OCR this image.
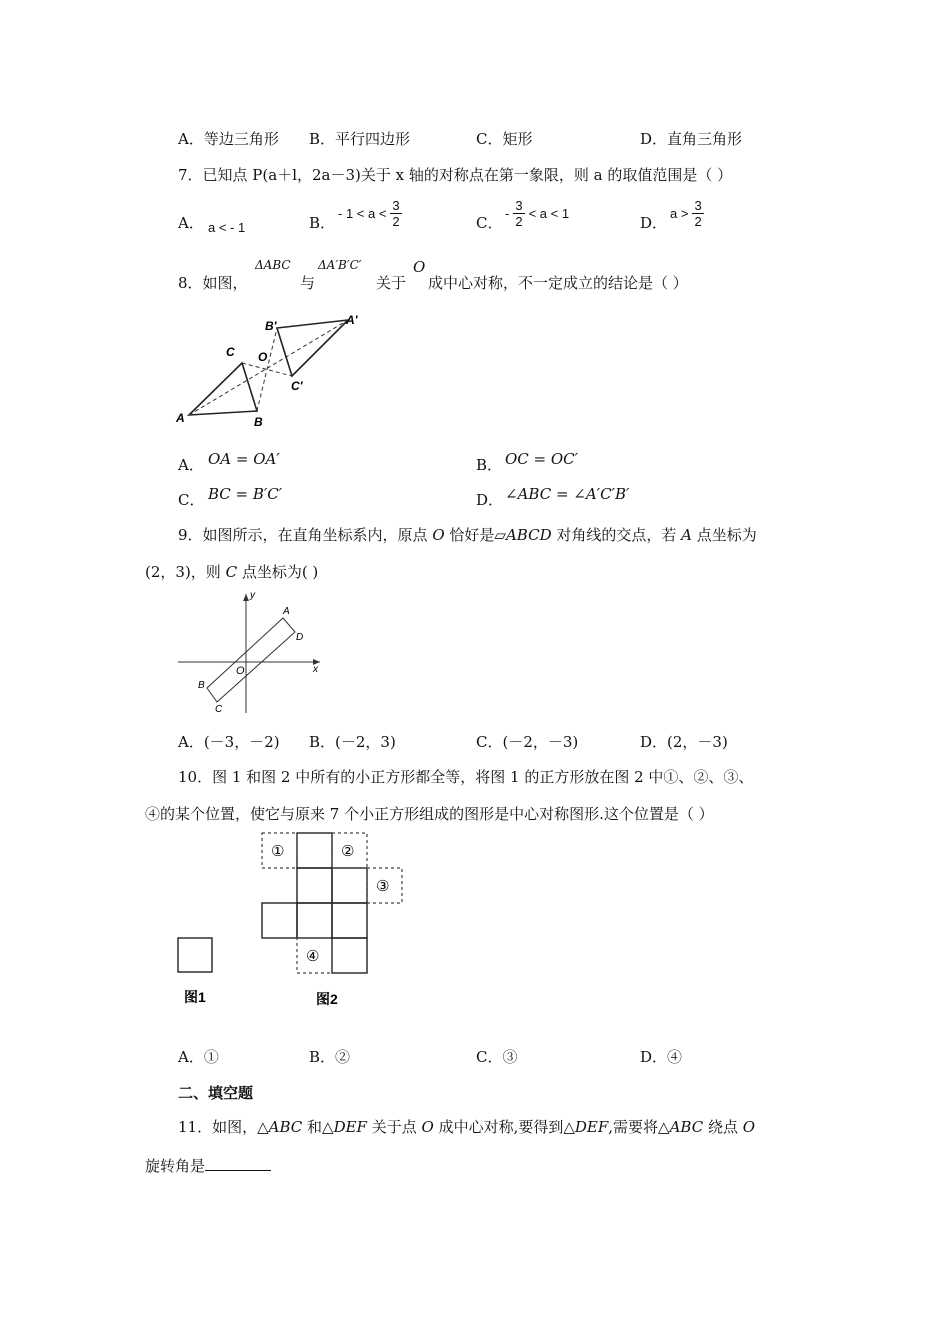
A．等边三角形 B．平行四边形	C．矩形	D．直角三角形
7．已知点 P(a＋l，2a－3)关于 x 轴的对称点在第一象限，则 a 的取值范围是（ ）
A． a < - 1	B．
- $1 < a < \frac{3}{2}$	C．
- $\frac{3}{2} < a < 1$
D．
$a > \frac{3}{2}$
8．如图，
ΔABC
与
ΔA′B′C′
关于
O
成中心对称，不一定成立的结论是（ ）
A	B
C O
A′
B′
C′
A． OA = OA′	B． OC = OC′
C． BC = B′C′	D． ∠ABC = ∠A′C′B′
9．如图所示，在直角坐标系内，原点 O 恰好是▱ABCD 对角线的交点，若 A 点坐标为
(2，3)，则 C 点坐标为( )
y
x
O
A
D
B
C
A．(－3，－2) B．(－2，3)	C．(－2，－3)	D．(2，－3)
10．图 1 和图 2 中所有的小正方形都全等，将图 1 的正方形放在图 2 中①、②、③、
④的某个位置，使它与原来 7 个小正方形组成的图形是中心对称图形.这个位置是（ ）
图1
①	②
③
④
图2
A．①	B．②	C．③	D．④
二、填空题
11．如图，△ABC 和△DEF 关于点 O 成中心对称,要得到△DEF,需要将△ABC 绕点 O
旋转角是
